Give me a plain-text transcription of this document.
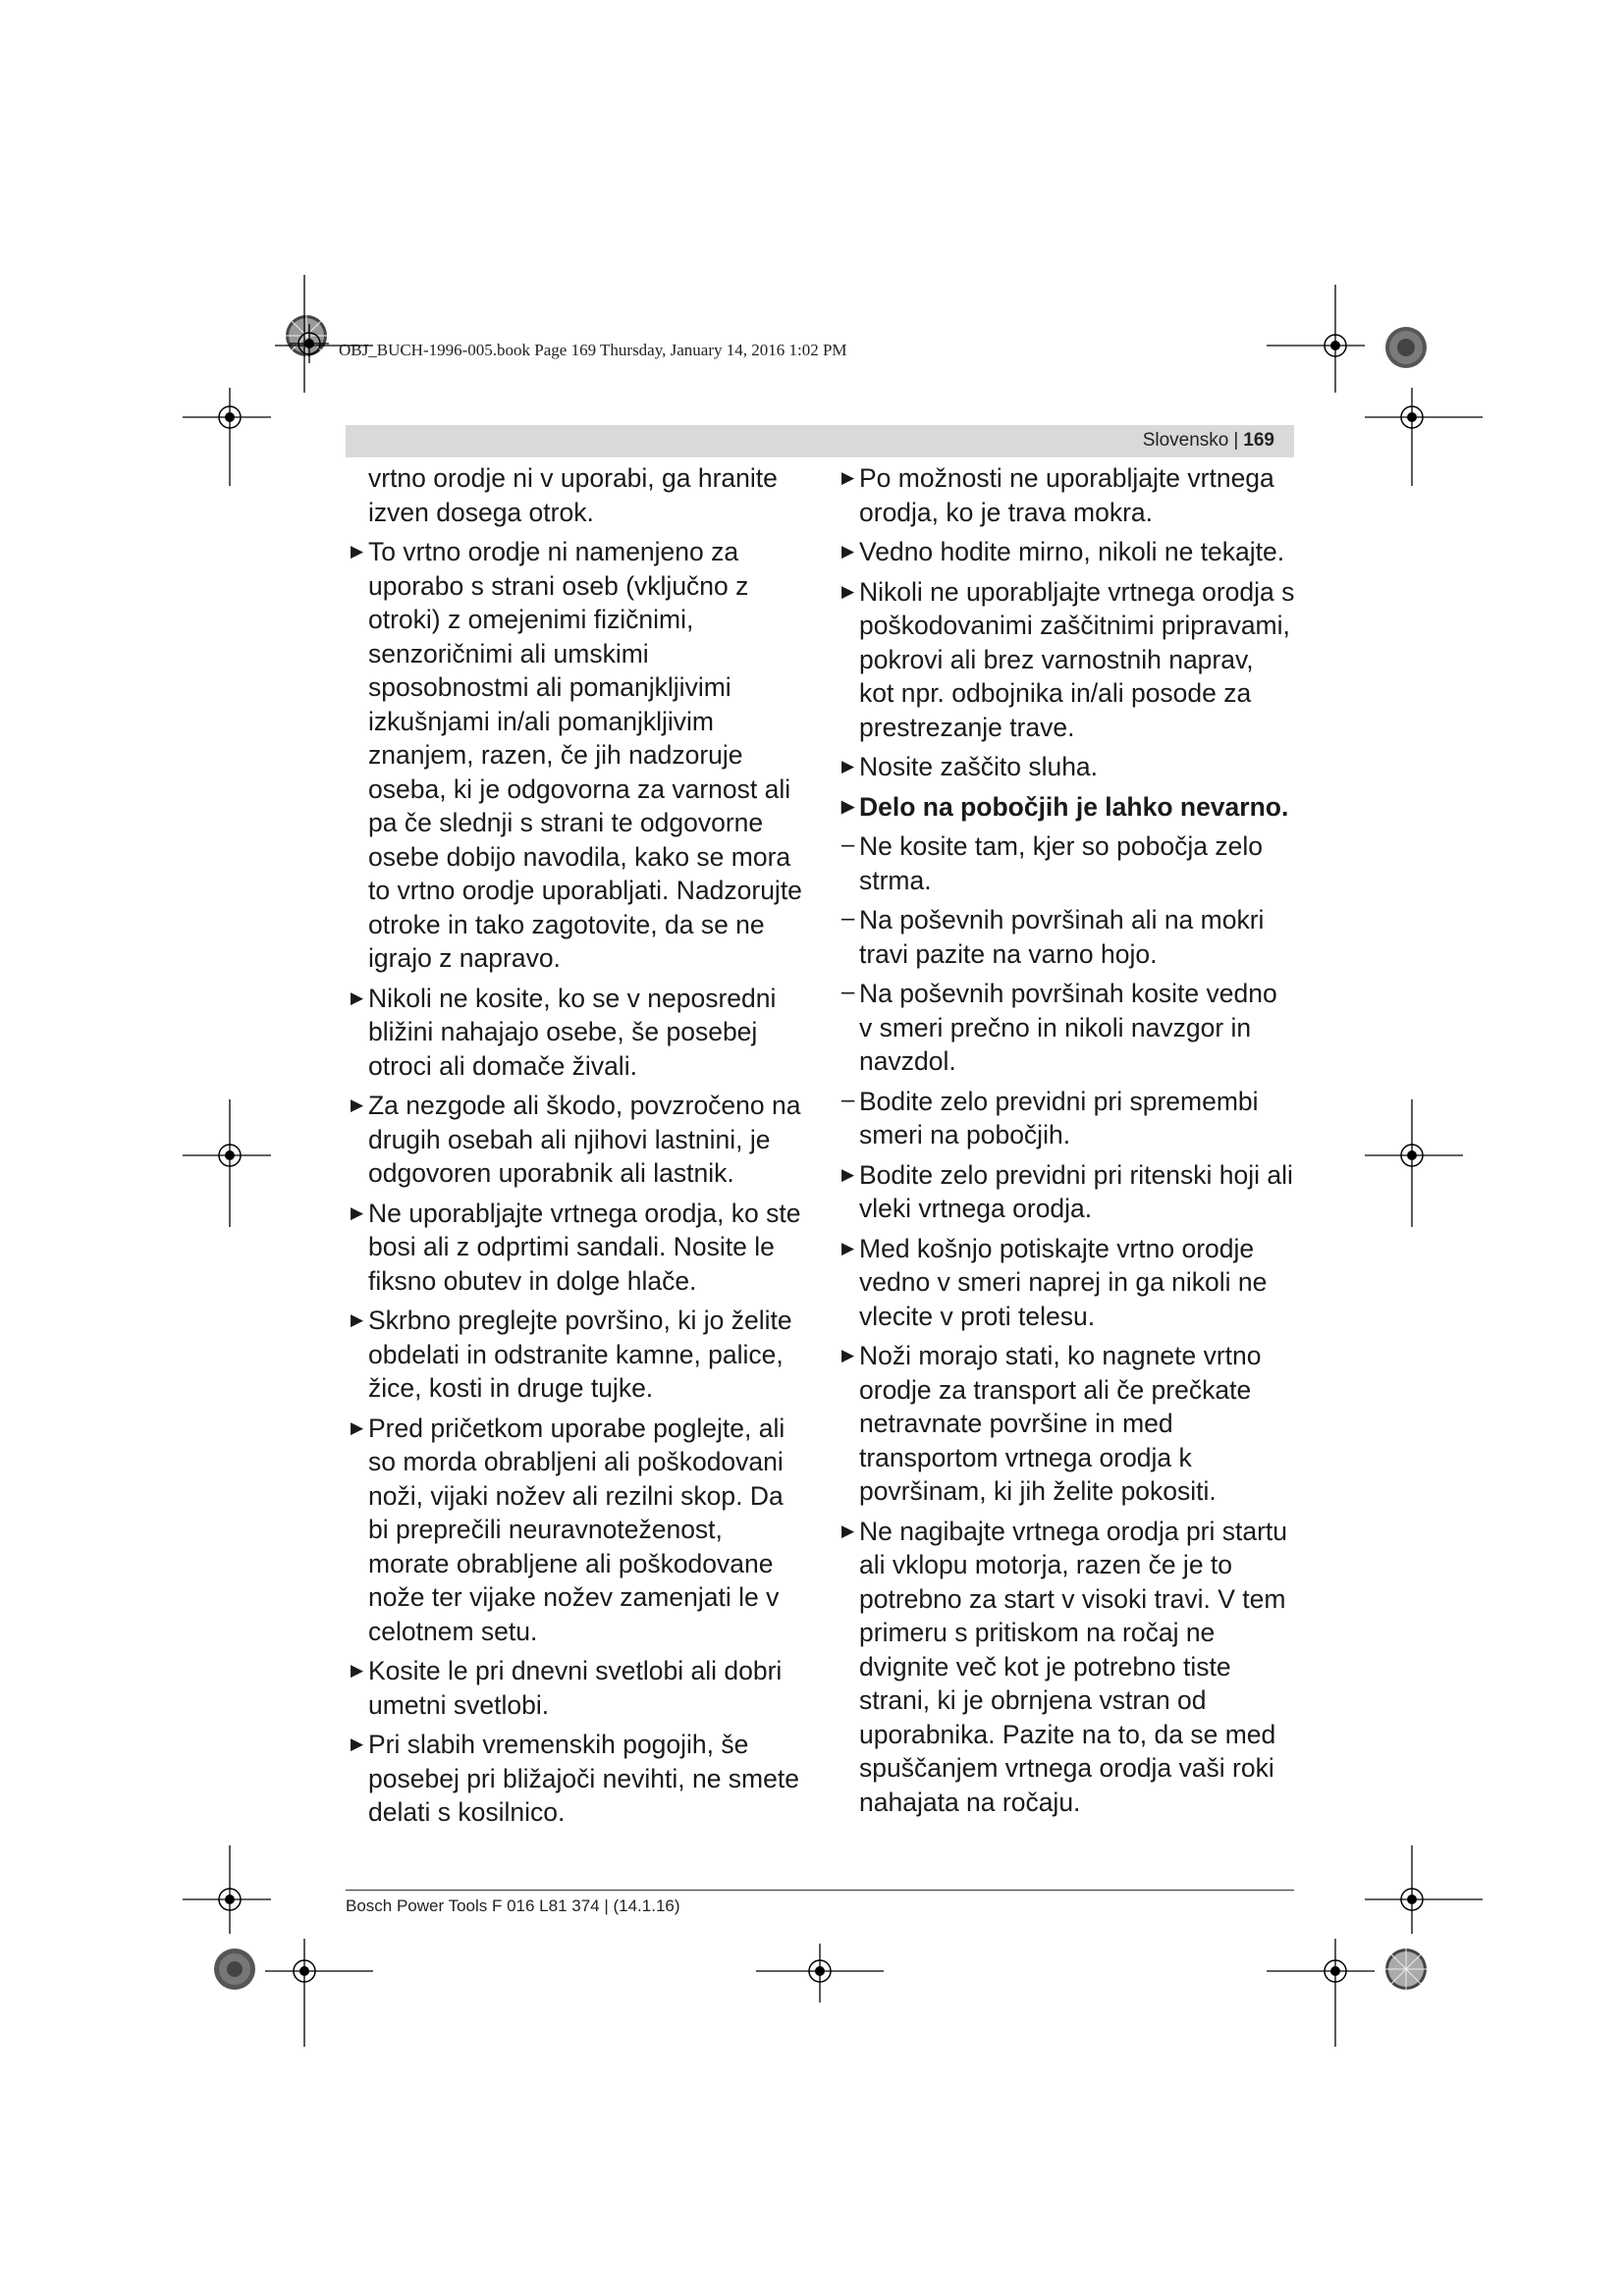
OBJ_BUCH-1996-005.book Page 169 Thursday, January 14, 2016 1:02 PM
Slovensko | 169

vrtno orodje ni v uporabi, ga hranite izven dosega otrok.

▶ To vrtno orodje ni namenjeno za uporabo s strani oseb (vključno z otroki) z omejenimi fizičnimi, senzoričnimi ali umskimi sposobnostmi ali pomanjkljivimi izkušnjami in/ali pomanjkljivim znanjem, razen, če jih nadzoruje oseba, ki je odgovorna za varnost ali pa če slednji s strani te odgovorne osebe dobijo navodila, kako se mora to vrtno orodje uporabljati. Nadzorujte otroke in tako zagotovite, da se ne igrajo z napravo.

▶ Nikoli ne kosite, ko se v neposredni bližini nahajajo osebe, še posebej otroci ali domače živali.

▶ Za nezgode ali škodo, povzročeno na drugih osebah ali njihovi lastnini, je odgovoren uporabnik ali lastnik.

▶ Ne uporabljajte vrtnega orodja, ko ste bosi ali z odprtimi sandali. Nosite le fiksno obutev in dolge hlače.

▶ Skrbno preglejte površino, ki jo želite obdelati in odstranite kamne, palice, žice, kosti in druge tujke.

▶ Pred pričetkom uporabe poglejte, ali so morda obrabljeni ali poškodovani noži, vijaki nožev ali rezilni skop. Da bi preprečili neuravnoteženost, morate obrabljene ali poškodovane nože ter vijake nožev zamenjati le v celotnem setu.

▶ Kosite le pri dnevni svetlobi ali dobri umetni svetlobi.

▶ Pri slabih vremenskih pogojih, še posebej pri bližajoči nevihti, ne smete delati s kosilnico.

▶ Po možnosti ne uporabljajte vrtnega orodja, ko je trava mokra.

▶ Vedno hodite mirno, nikoli ne tekajte.

▶ Nikoli ne uporabljajte vrtnega orodja s poškodovanimi zaščitnimi pripravami, pokrovi ali brez varnostnih naprav, kot npr. odbojnika in/ali posode za prestrezanje trave.

▶ Nosite zaščito sluha.

▶ Delo na pobočjih je lahko nevarno.

– Ne kosite tam, kjer so pobočja zelo strma.

– Na poševnih površinah ali na mokri travi pazite na varno hojo.

– Na poševnih površinah kosite vedno v smeri prečno in nikoli navzgor in navzdol.

– Bodite zelo previdni pri spremembi smeri na pobočjih.

▶ Bodite zelo previdni pri ritenski hoji ali vleki vrtnega orodja.

▶ Med košnjo potiskajte vrtno orodje vedno v smeri naprej in ga nikoli ne vlecite v proti telesu.

▶ Noži morajo stati, ko nagnete vrtno orodje za transport ali če prečkate netravnate površine in med transportom vrtnega orodja k površinam, ki jih želite pokositi.

▶ Ne nagibajte vrtnega orodja pri startu ali vklopu motorja, razen če je to potrebno za start v visoki travi. V tem primeru s pritiskom na ročaj ne dvignite več kot je potrebno tiste strani, ki je obrnjena vstran od uporabnika. Pazite na to, da se med spuščanjem vrtnega orodja vaši roki nahajata na ročaju.

Bosch Power Tools F 016 L81 374 | (14.1.16)
